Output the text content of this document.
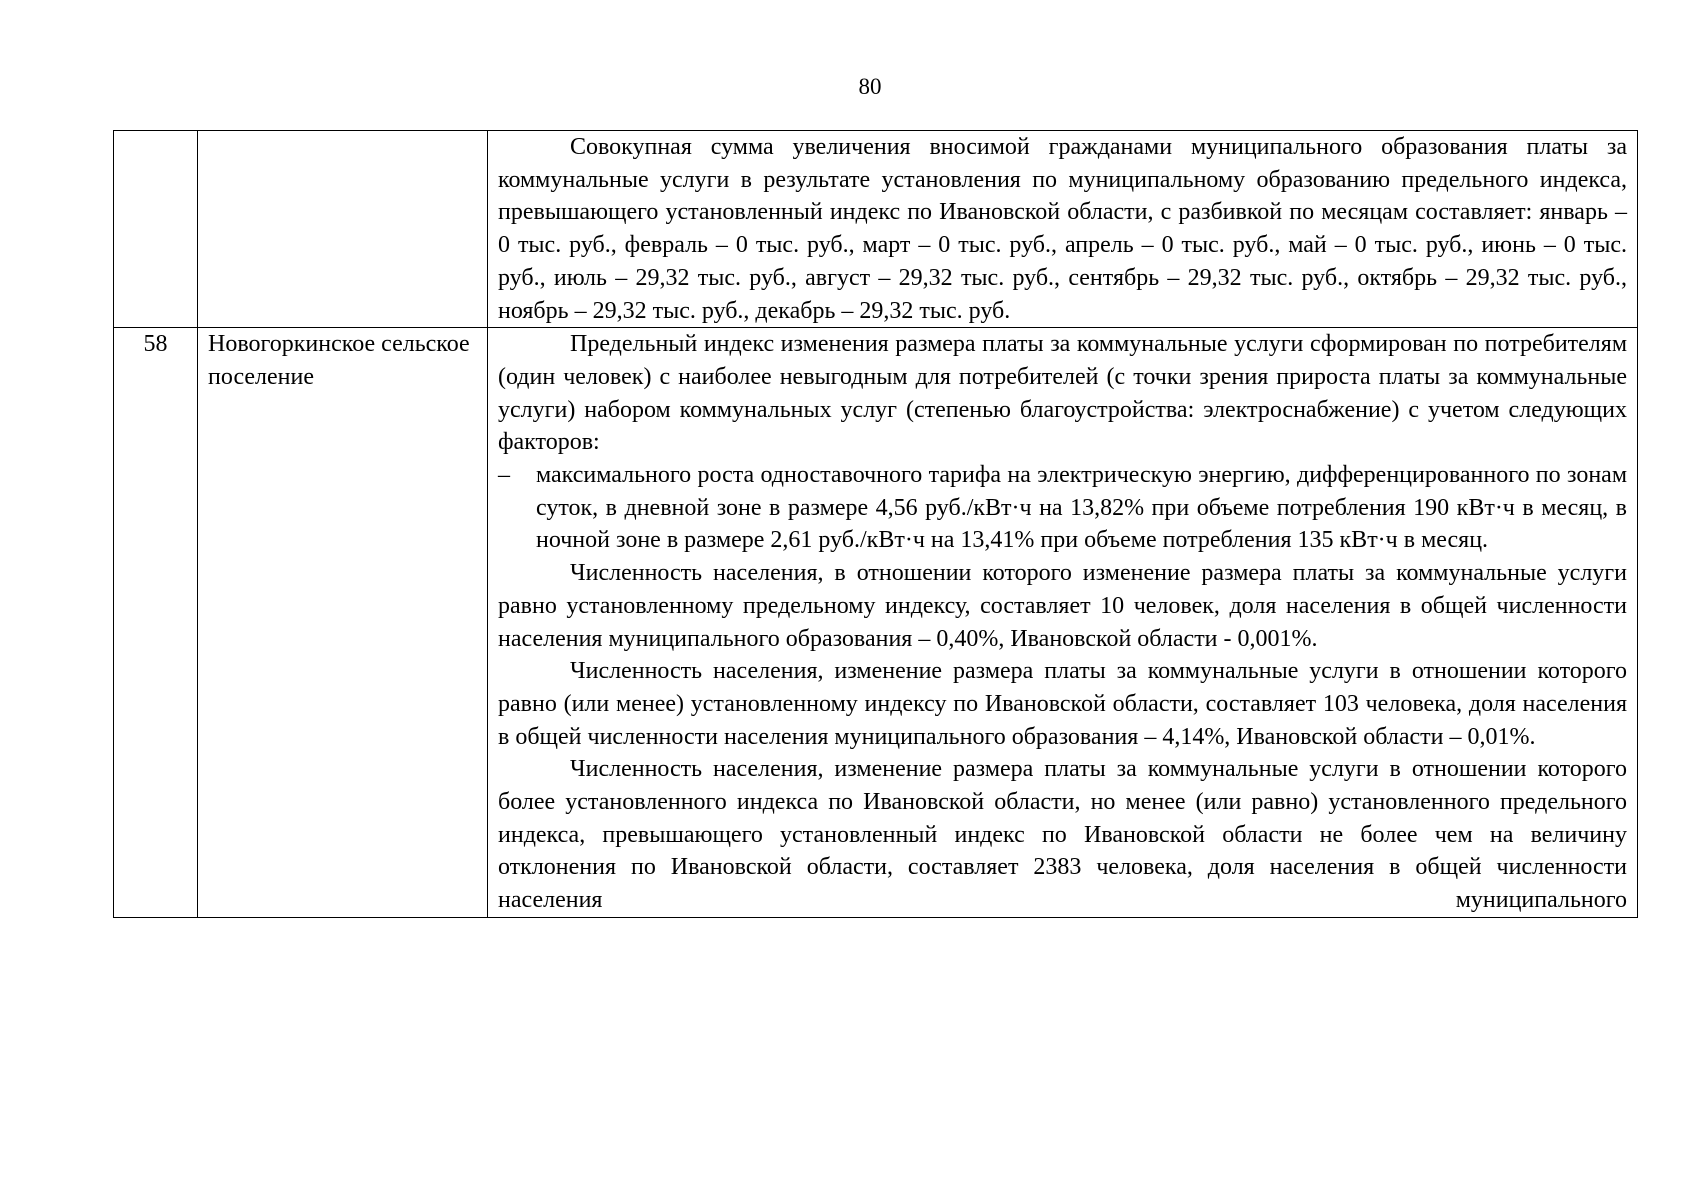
80

		Совокупная сумма увеличения вносимой гражданами муниципального образования платы за коммунальные услуги в результате установления по муниципальному образованию предельного индекса, превышающего установленный индекс по Ивановской области, с разбивкой по месяцам составляет: январь – 0 тыс. руб., февраль – 0 тыс. руб., март – 0 тыс. руб., апрель – 0 тыс. руб., май – 0 тыс. руб., июнь – 0 тыс. руб., июль – 29,32 тыс. руб., август – 29,32 тыс. руб., сентябрь – 29,32 тыс. руб., октябрь – 29,32 тыс. руб., ноябрь – 29,32 тыс. руб., декабрь – 29,32 тыс. руб.

58	Новогоркинское сельское поселение	Предельный индекс изменения размера платы за коммунальные услуги сформирован по потребителям (один человек) с наиболее невыгодным для потребителей (с точки зрения прироста платы за коммунальные услуги) набором коммунальных услуг (степенью благоустройства: электроснабжение) с учетом следующих факторов:

– максимального роста одноставочного тарифа на электрическую энергию, дифференцированного по зонам суток, в дневной зоне в размере 4,56 руб./кВт·ч на 13,82% при объеме потребления 190 кВт·ч в месяц, в ночной зоне в размере 2,61 руб./кВт·ч на 13,41% при объеме потребления 135 кВт·ч в месяц.

Численность населения, в отношении которого изменение размера платы за коммунальные услуги равно установленному предельному индексу, составляет 10 человек, доля населения в общей численности населения муниципального образования – 0,40%, Ивановской области - 0,001%.

Численность населения, изменение размера платы за коммунальные услуги в отношении которого равно (или менее) установленному индексу по Ивановской области, составляет 103 человека, доля населения в общей численности населения муниципального образования – 4,14%, Ивановской области – 0,01%.

Численность населения, изменение размера платы за коммунальные услуги в отношении которого более установленного индекса по Ивановской области, но менее (или равно) установленного предельного индекса, превышающего установленный индекс по Ивановской области не более чем на величину отклонения по Ивановской области, составляет 2383 человека, доля населения в общей численности населения муниципального
